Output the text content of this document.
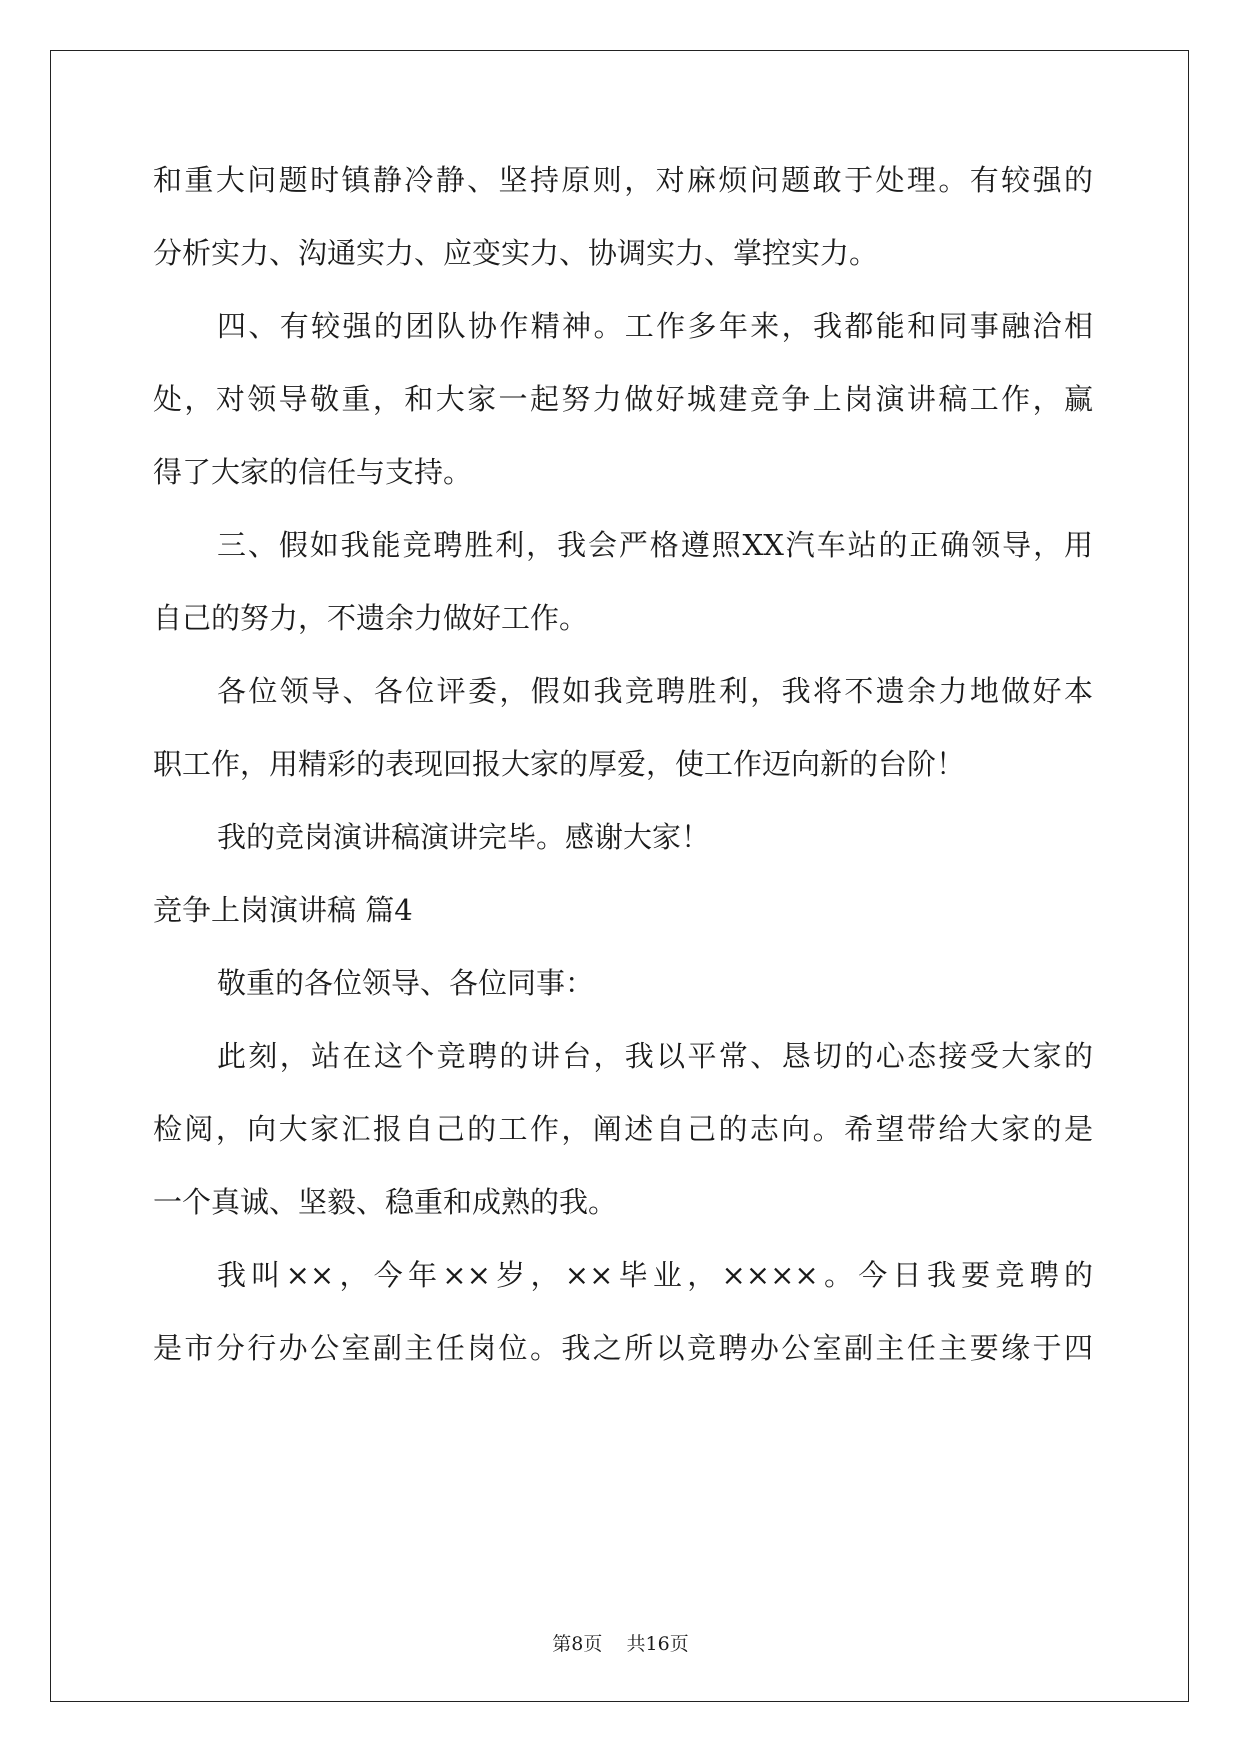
和重大问题时镇静冷静、坚持原则，对麻烦问题敢于处理。有较强的
分析实力、沟通实力、应变实力、协调实力、掌控实力。
四、有较强的团队协作精神。工作多年来，我都能和同事融洽相
处，对领导敬重，和大家一起努力做好城建竞争上岗演讲稿工作，赢
得了大家的信任与支持。
三、假如我能竞聘胜利，我会严格遵照XX汽车站的正确领导，用
自己的努力，不遗余力做好工作。
各位领导、各位评委，假如我竞聘胜利，我将不遗余力地做好本
职工作，用精彩的表现回报大家的厚爱，使工作迈向新的台阶！
我的竞岗演讲稿演讲完毕。感谢大家！
竞争上岗演讲稿 篇4
敬重的各位领导、各位同事：
此刻，站在这个竞聘的讲台，我以平常、恳切的心态接受大家的
检阅，向大家汇报自己的工作，阐述自己的志向。希望带给大家的是
一个真诚、坚毅、稳重和成熟的我。
我叫××，今年××岁，××毕业，××××。今日我要竞聘的
是市分行办公室副主任岗位。我之所以竞聘办公室副主任主要缘于四
第8页 共16页
